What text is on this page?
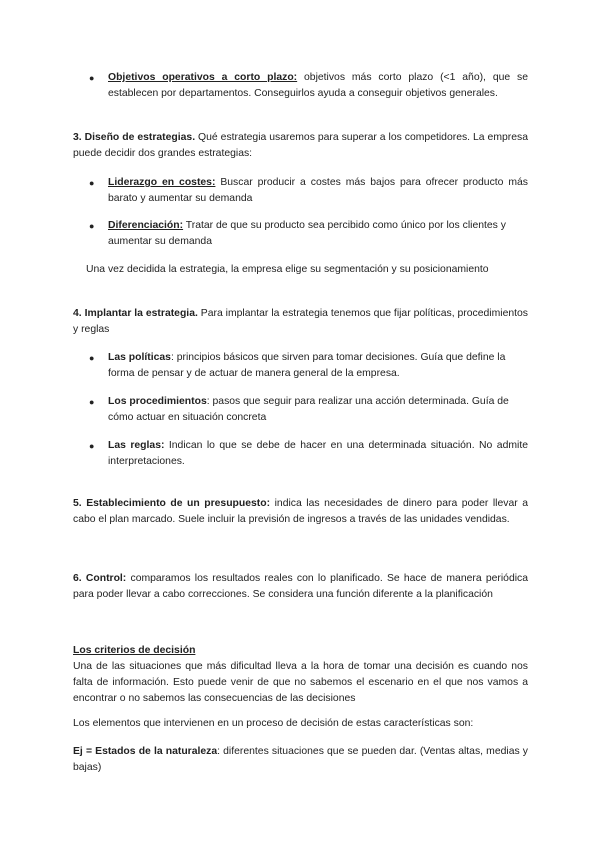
● Objetivos operativos a corto plazo: objetivos más corto plazo (<1 año), que se establecen por departamentos. Conseguirlos ayuda a conseguir objetivos generales.
3. Diseño de estrategias. Qué estrategia usaremos para superar a los competidores. La empresa puede decidir dos grandes estrategias:
● Liderazgo en costes: Buscar producir a costes más bajos para ofrecer producto más barato y aumentar su demanda
● Diferenciación: Tratar de que su producto sea percibido como único por los clientes y aumentar su demanda
Una vez decidida la estrategia, la empresa elige su segmentación y su posicionamiento
4. Implantar la estrategia. Para implantar la estrategia tenemos que fijar políticas, procedimientos y reglas
● Las políticas: principios básicos que sirven para tomar decisiones. Guía que define la forma de pensar y de actuar de manera general de la empresa.
● Los procedimientos: pasos que seguir para realizar una acción determinada. Guía de cómo actuar en situación concreta
● Las reglas: Indican lo que se debe de hacer en una determinada situación. No admite interpretaciones.
5. Establecimiento de un presupuesto: indica las necesidades de dinero para poder llevar a cabo el plan marcado. Suele incluir la previsión de ingresos a través de las unidades vendidas.
6. Control: comparamos los resultados reales con lo planificado. Se hace de manera periódica para poder llevar a cabo correcciones. Se considera una función diferente a la planificación
Los criterios de decisión
Una de las situaciones que más dificultad lleva a la hora de tomar una decisión es cuando nos falta de información. Esto puede venir de que no sabemos el escenario en el que nos vamos a encontrar o no sabemos las consecuencias de las decisiones
Los elementos que intervienen en un proceso de decisión de estas características son:
Ej = Estados de la naturaleza: diferentes situaciones que se pueden dar. (Ventas altas, medias y bajas)
